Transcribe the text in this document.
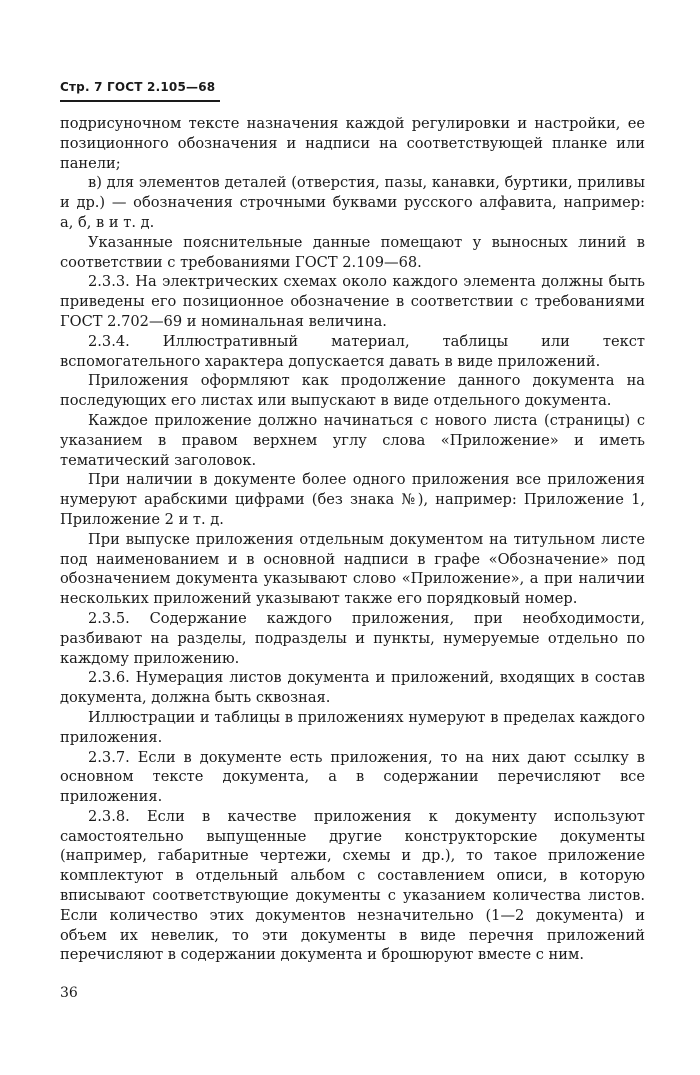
Стр. 7 ГОСТ 2.105—68

подрисуночном тексте назначения каждой регулировки и настройки, ее позиционного обозначения и надписи на соответствующей планке или панели;

в) для элементов деталей (отверстия, пазы, канавки, буртики, приливы и др.) — обозначения строчными буквами русского алфавита, например: а, б, в и т. д.

Указанные пояснительные данные помещают у выносных линий в соответствии с требованиями ГОСТ 2.109—68.

2.3.3. На электрических схемах около каждого элемента должны быть приведены его позиционное обозначение в соответствии с требованиями ГОСТ 2.702—69 и номинальная величина.

2.3.4. Иллюстративный материал, таблицы или текст вспомогательного характера допускается давать в виде приложений.

Приложения оформляют как продолжение данного документа на последующих его листах или выпускают в виде отдельного документа.

Каждое приложение должно начинаться с нового листа (страницы) с указанием в правом верхнем углу слова «Приложение» и иметь тематический заголовок.

При наличии в документе более одного приложения все приложения нумеруют арабскими цифрами (без знака №), например: Приложение 1, Приложение 2 и т. д.

При выпуске приложения отдельным документом на титульном листе под наименованием и в основной надписи в графе «Обозначение» под обозначением документа указывают слово «Приложение», а при наличии нескольких приложений указывают также его порядковый номер.

2.3.5. Содержание каждого приложения, при необходимости, разбивают на разделы, подразделы и пункты, нумеруемые отдельно по каждому приложению.

2.3.6. Нумерация листов документа и приложений, входящих в состав документа, должна быть сквозная.

Иллюстрации и таблицы в приложениях нумеруют в пределах каждого приложения.

2.3.7. Если в документе есть приложения, то на них дают ссылку в основном тексте документа, а в содержании перечисляют все приложения.

2.3.8. Если в качестве приложения к документу используют самостоятельно выпущенные другие конструкторские документы (например, габаритные чертежи, схемы и др.), то такое приложение комплектуют в отдельный альбом с составлением описи, в которую вписывают соответствующие документы с указанием количества листов. Если количество этих документов незначительно (1—2 документа) и объем их невелик, то эти документы в виде перечня приложений перечисляют в содержании документа и брошюруют вместе с ним.

36
